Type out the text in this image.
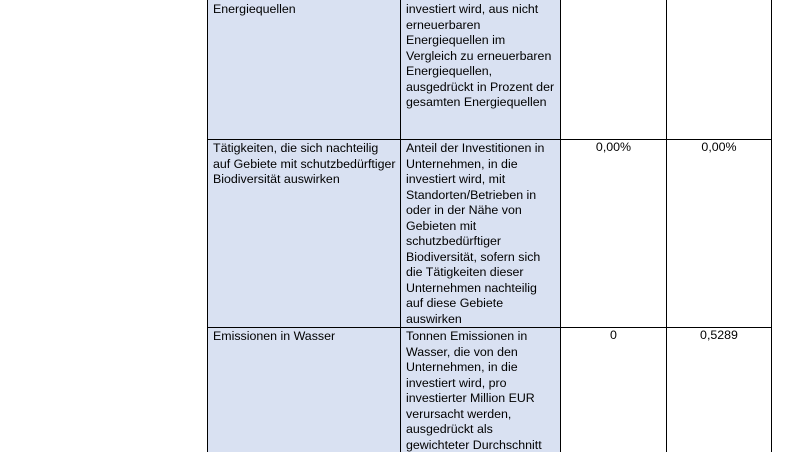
Energiequellen	investiert wird, aus nicht erneuerbaren Energiequellen im Vergleich zu erneuerbaren Energiequellen, ausgedrückt in Prozent der gesamten Energiequellen

Tätigkeiten, die sich nachteilig auf Gebiete mit schutzbedürftiger Biodiversität auswirken	Anteil der Investitionen in Unternehmen, in die investiert wird, mit Standorten/Betrieben in oder in der Nähe von Gebieten mit schutzbedürftiger Biodiversität, sofern sich die Tätigkeiten dieser Unternehmen nachteilig auf diese Gebiete auswirken	0,00%	0,00%

Emissionen in Wasser	Tonnen Emissionen in Wasser, die von den Unternehmen, in die investiert wird, pro investierter Million EUR verursacht werden, ausgedrückt als gewichteter Durchschnitt	0	0,5289
